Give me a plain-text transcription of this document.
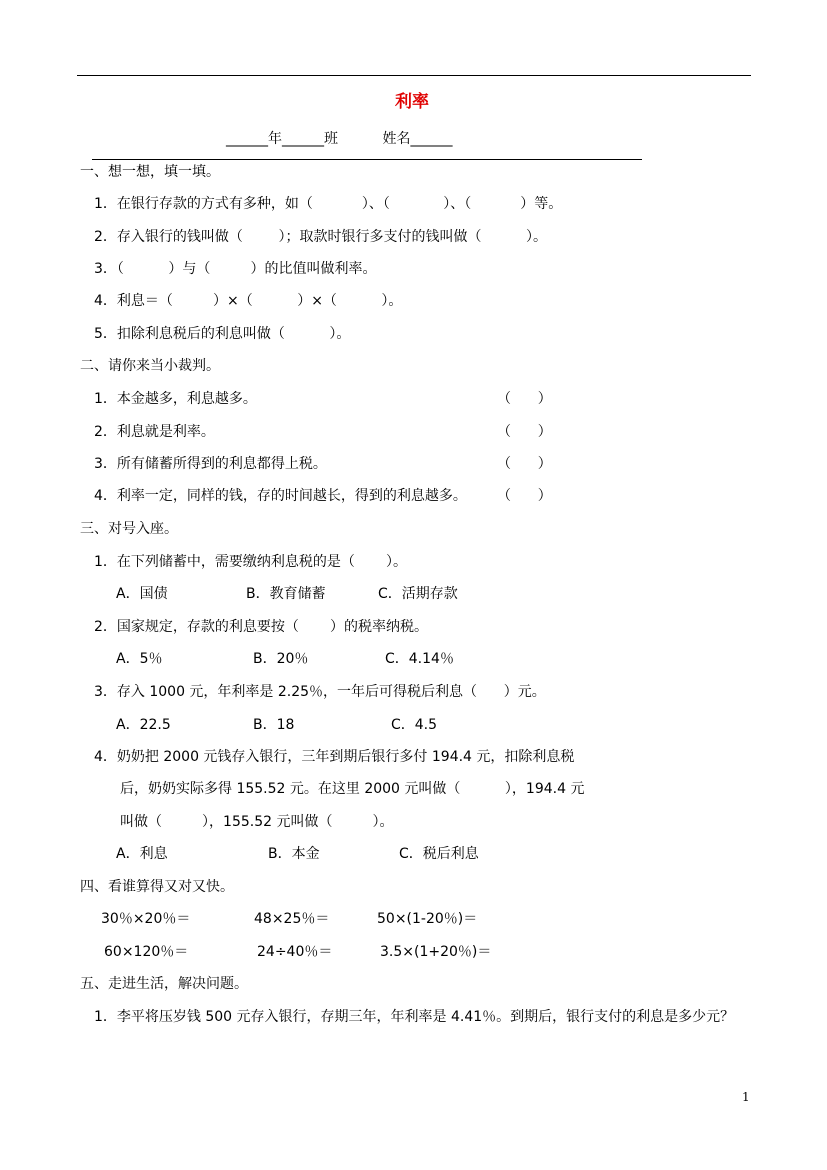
利率
______年______班          姓名______
一、想一想，填一填。
1．在银行存款的方式有多种，如（           ）、（            ）、（           ）等。
2．存入银行的钱叫做（        ）；取款时银行多支付的钱叫做（          ）。
3．（          ）与（         ）的比值叫做利率。
4．利息＝（         ）×（          ）×（          ）。
5．扣除利息税后的利息叫做（          ）。
二、请你来当小裁判。
1．本金越多，利息越多。	（      ）
2．利息就是利率。	（      ）
3．所有储蓄所得到的利息都得上税。	（      ）
4．利率一定，同样的钱，存的时间越长，得到的利息越多。 （      ）
三、对号入座。
1．在下列储蓄中，需要缴纳利息税的是（       ）。
A．国债	B．教育储蓄	C．活期存款
2．国家规定，存款的利息要按（       ）的税率纳税。
A．5％	B．20％	C．4.14％
3．存入 1000 元，年利率是 2.25％，一年后可得税后利息（      ）元。
A．22.5	B．18	C．4.5
4．奶奶把 2000 元钱存入银行，三年到期后银行多付 194.4 元，扣除利息税
后，奶奶实际多得 155.52 元。在这里 2000 元叫做（          ），194.4 元
叫做（         ），155.52 元叫做（         ）。
A．利息	B．本金	C．税后利息
四、看谁算得又对又快。
30％×20％＝	48×25％＝	50×(1-20％)＝
60×120％＝	24÷40％＝	3.5×(1+20％)＝
五、走进生活，解决问题。
1．李平将压岁钱 500 元存入银行，存期三年，年利率是 4.41％。到期后，银行支付的利息是多少元？
1
